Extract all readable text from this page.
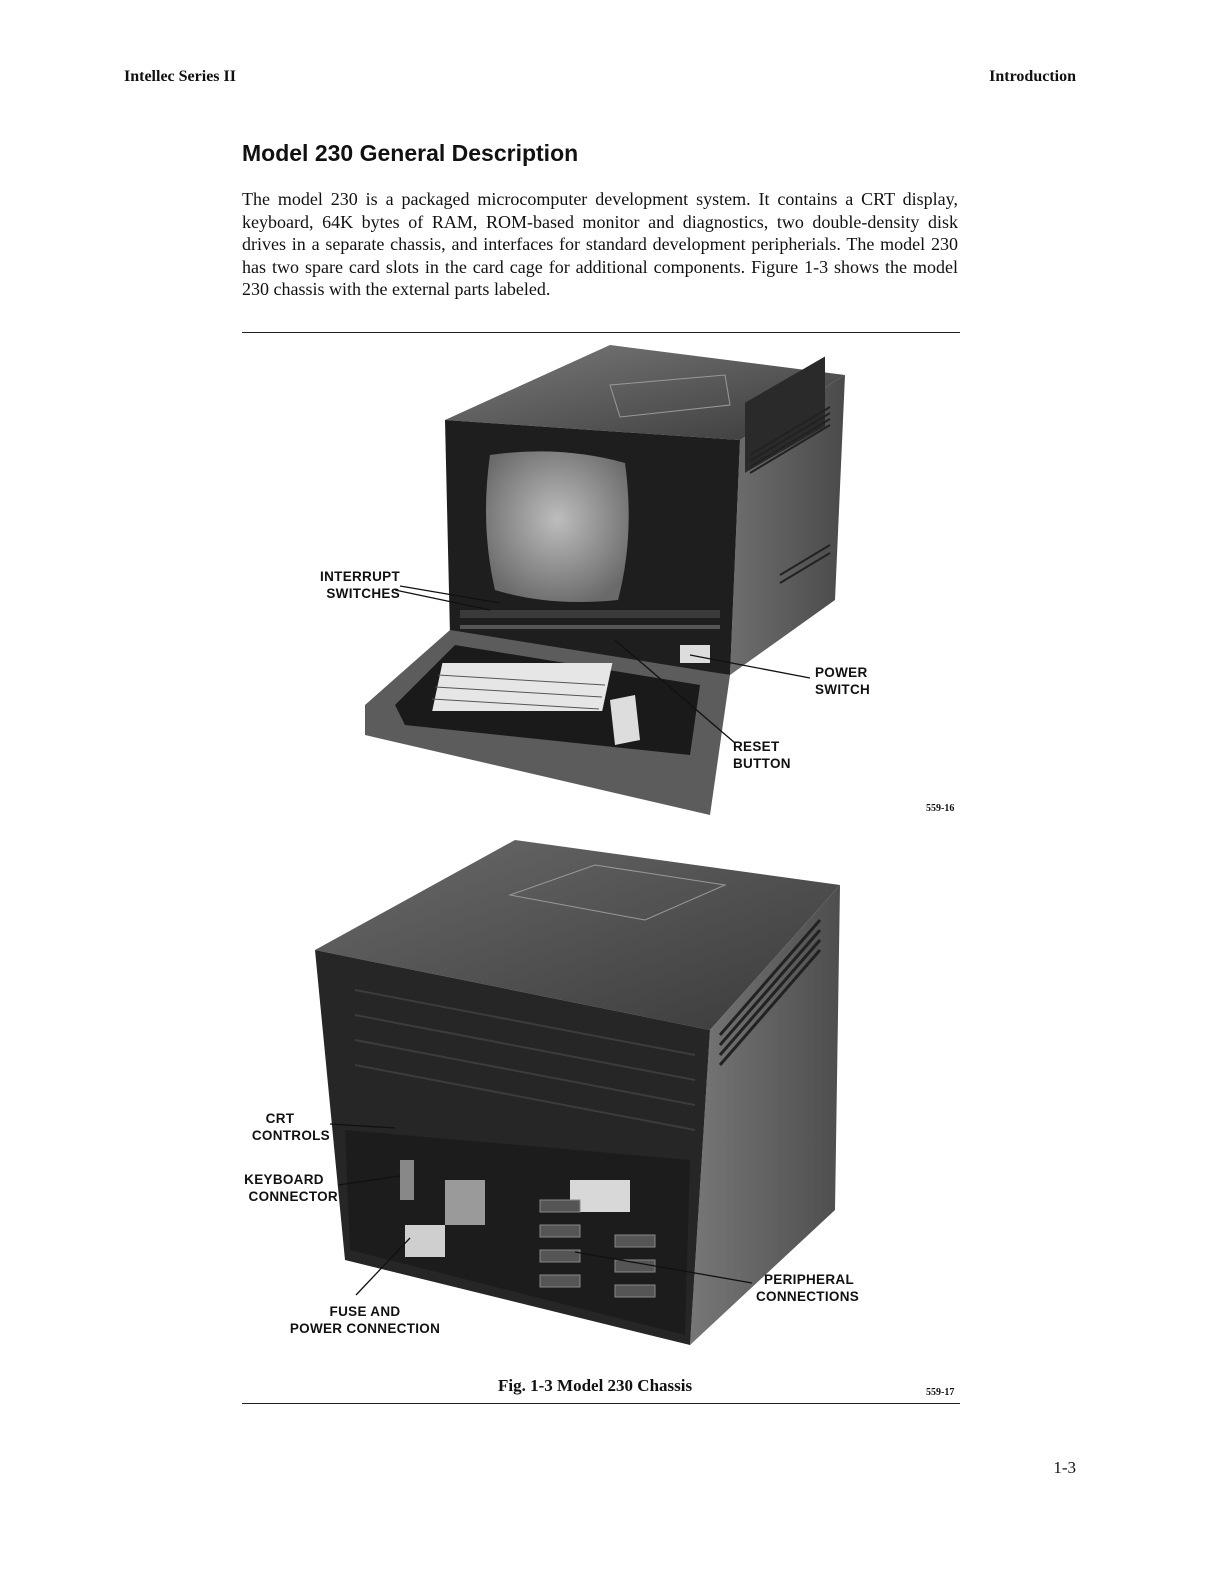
Intellec Series II	Introduction
Model 230 General Description

The model 230 is a packaged microcomputer development system. It contains a CRT display, keyboard, 64K bytes of RAM, ROM-based monitor and diagnostics, two double-density disk drives in a separate chassis, and interfaces for standard development peripherials. The model 230 has two spare card slots in the card cage for additional components. Figure 1-3 shows the model 230 chassis with the external parts labeled.

INTERRUPT
SWITCHES
POWER
SWITCH
RESET
BUTTON
559-16
CRT
CONTROLS
KEYBOARD
CONNECTOR
FUSE AND
POWER CONNECTION
PERIPHERAL
CONNECTIONS
559-17
Fig. 1-3 Model 230 Chassis
1-3
